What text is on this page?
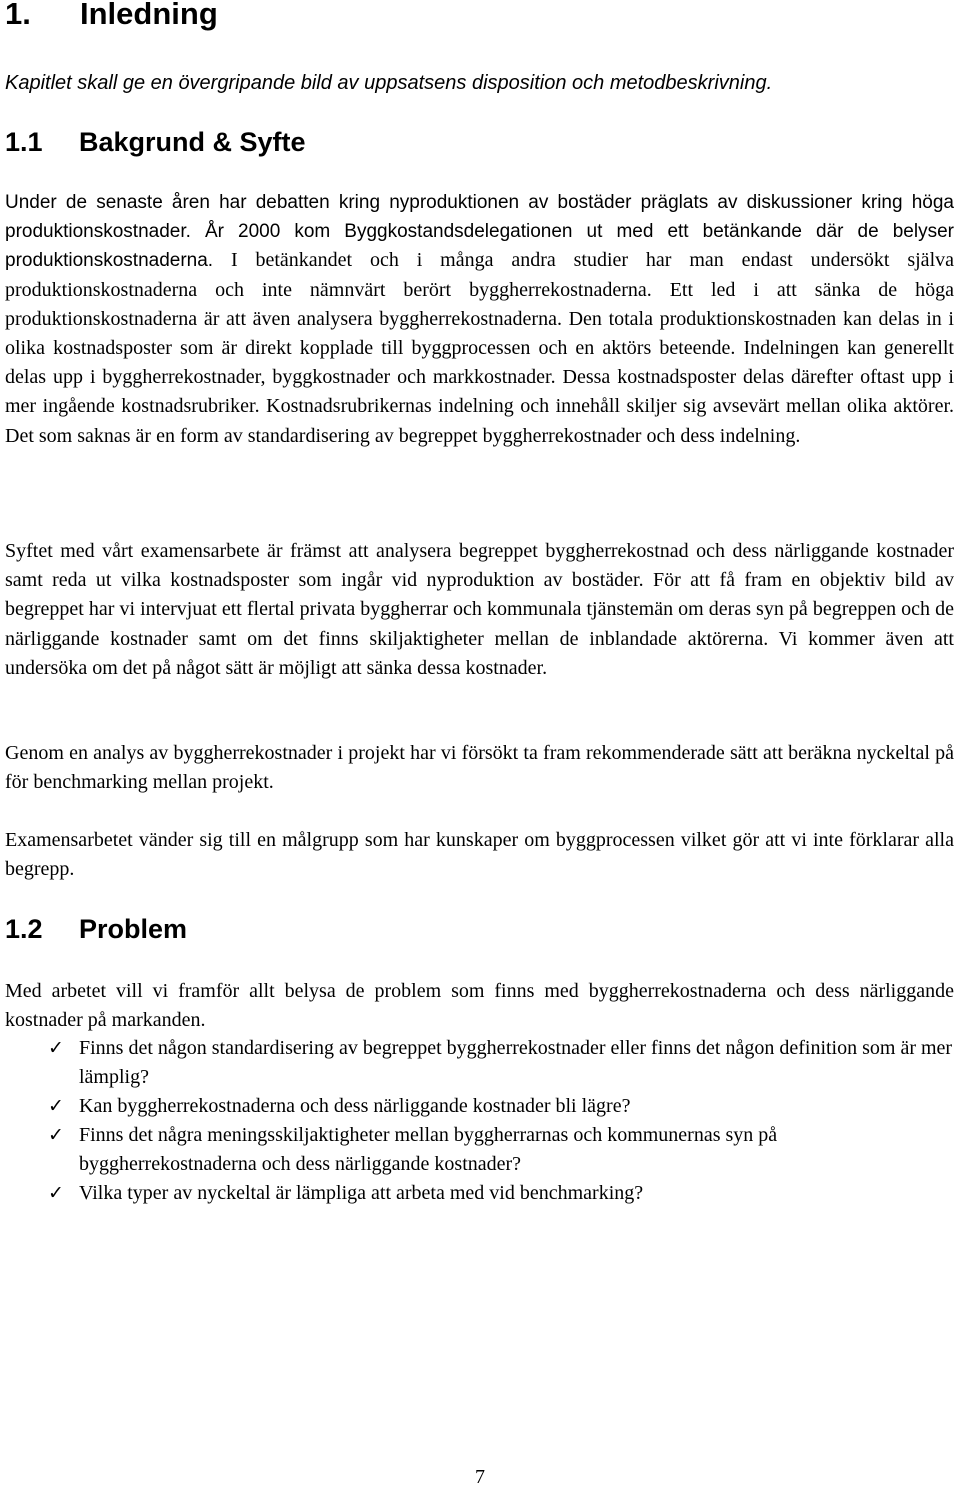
1. Inledning

Kapitlet skall ge en övergripande bild av uppsatsens disposition och metodbeskrivning.

1.1 Bakgrund & Syfte

Under de senaste åren har debatten kring nyproduktionen av bostäder präglats av diskussioner kring höga produktionskostnader. År 2000 kom Byggkostandsdelegationen ut med ett betänkande där de belyser produktionskostnaderna. I betänkandet och i många andra studier har man endast undersökt själva produktionskostnaderna och inte nämnvärt berört byggherrekostnaderna. Ett led i att sänka de höga produktionskostnaderna är att även analysera byggherrekostnaderna. Den totala produktionskostnaden kan delas in i olika kostnadsposter som är direkt kopplade till byggprocessen och en aktörs beteende. Indelningen kan generellt delas upp i byggherrekostnader, byggkostnader och markkostnader. Dessa kostnadsposter delas därefter oftast upp i mer ingående kostnadsrubriker. Kostnadsrubrikernas indelning och innehåll skiljer sig avsevärt mellan olika aktörer. Det som saknas är en form av standardisering av begreppet byggherrekostnader och dess indelning.

Syftet med vårt examensarbete är främst att analysera begreppet byggherrekostnad och dess närliggande kostnader samt reda ut vilka kostnadsposter som ingår vid nyproduktion av bostäder. För att få fram en objektiv bild av begreppet har vi intervjuat ett flertal privata byggherrar och kommunala tjänstemän om deras syn på begreppen och de närliggande kostnader samt om det finns skiljaktigheter mellan de inblandade aktörerna. Vi kommer även att undersöka om det på något sätt är möjligt att sänka dessa kostnader.

Genom en analys av byggherrekostnader i projekt har vi försökt ta fram rekommenderade sätt att beräkna nyckeltal på för benchmarking mellan projekt.

Examensarbetet vänder sig till en målgrupp som har kunskaper om byggprocessen vilket gör att vi inte förklarar alla begrepp.

1.2 Problem

Med arbetet vill vi framför allt belysa de problem som finns med byggherrekostnaderna och dess närliggande kostnader på markanden.

✓ Finns det någon standardisering av begreppet byggherrekostnader eller finns det någon definition som är mer lämplig?
✓ Kan byggherrekostnaderna och dess närliggande kostnader bli lägre?
✓ Finns det några meningsskiljaktigheter mellan byggherrarnas och kommunernas syn på byggherrekostnaderna och dess närliggande kostnader?
✓ Vilka typer av nyckeltal är lämpliga att arbeta med vid benchmarking?
7
